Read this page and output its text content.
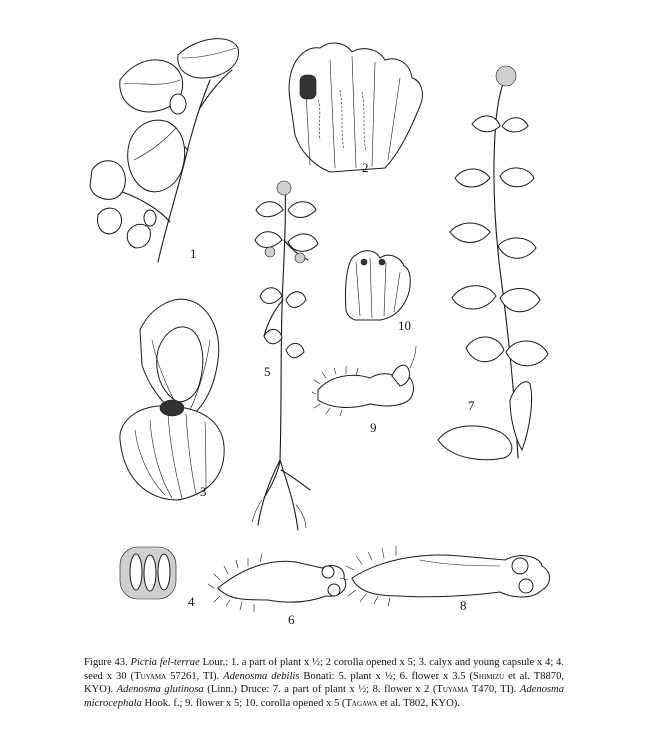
1
2
3
5
10
9
7
4
6
8
Figure 43. Picria fel-terrae Lour.: 1. a part of plant x ½; 2 corolla opened x 5; 3. calyx and young capsule x 4; 4. seed x 30 (Tuyama 57261, TI). Adenosma debilis Bonati: 5. plant x ½; 6. flower x 3.5 (Shimizu et al. T8870, KYO). Adenosma glutinosa (Linn.) Druce: 7. a part of plant x ½; 8. flower x 2 (Tuyama T470, TI). Adenosma microcephala Hook. f.; 9. flower x 5; 10. corolla opened x 5 (Tagawa et al. T802, KYO).
